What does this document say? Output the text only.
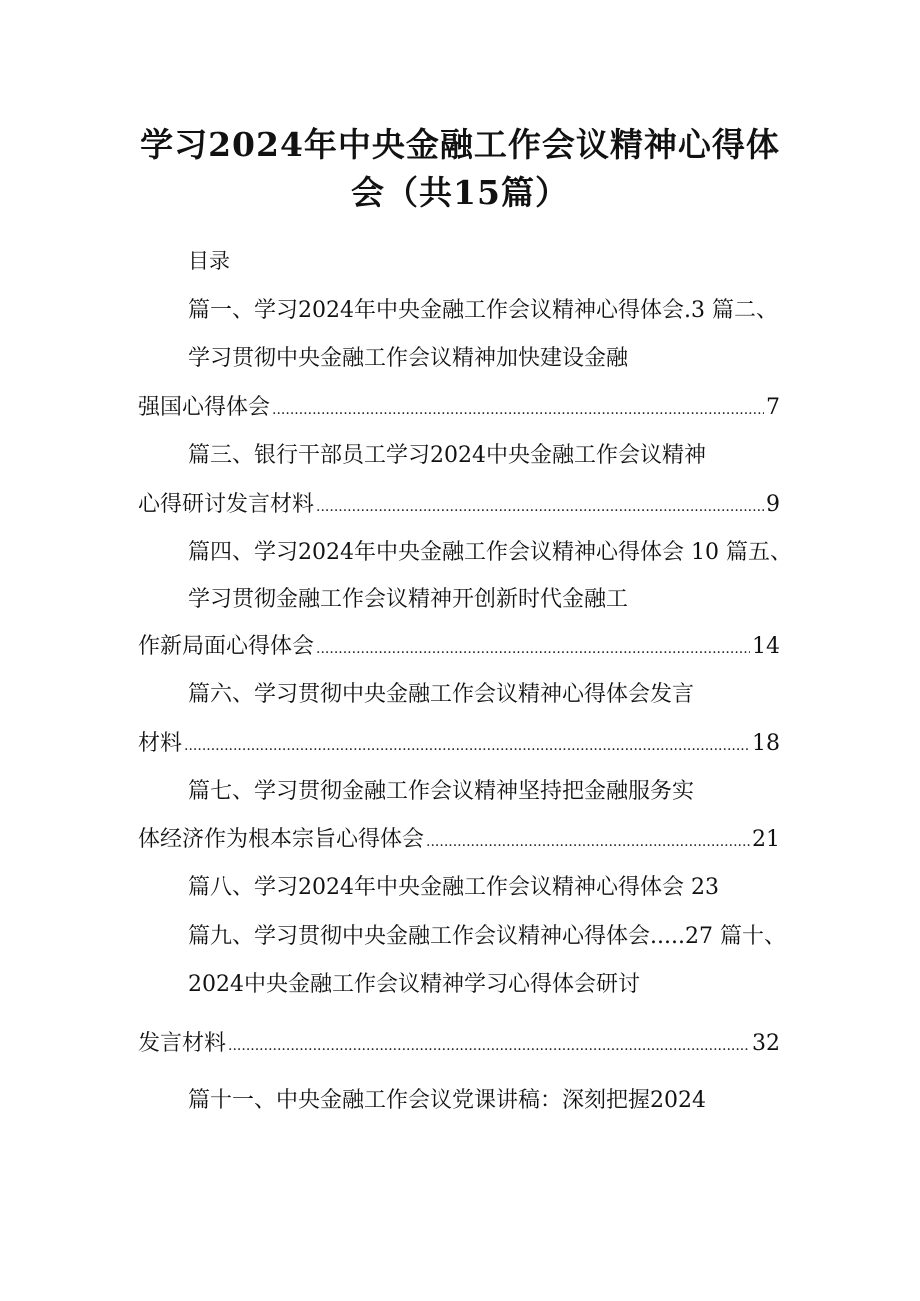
学习2024年中央金融工作会议精神心得体
会（共15篇）
目录
篇一、学习2024年中央金融工作会议精神心得体会.3 篇二、
学习贯彻中央金融工作会议精神加快建设金融
强国心得体会 .....	7
篇三、银行干部员工学习2024中央金融工作会议精神
心得研讨发言材料 .....	9
篇四、学习2024年中央金融工作会议精神心得体会 10 篇五、
学习贯彻金融工作会议精神开创新时代金融工
作新局面心得体会 .....	14
篇六、学习贯彻中央金融工作会议精神心得体会发言
材料 .....	18
篇七、学习贯彻金融工作会议精神坚持把金融服务实
体经济作为根本宗旨心得体会 .....	21
篇八、学习2024年中央金融工作会议精神心得体会 23
篇九、学习贯彻中央金融工作会议精神心得体会.....27 篇十、
2024中央金融工作会议精神学习心得体会研讨
发言材料 .....	32
篇十一、中央金融工作会议党课讲稿：深刻把握2024
